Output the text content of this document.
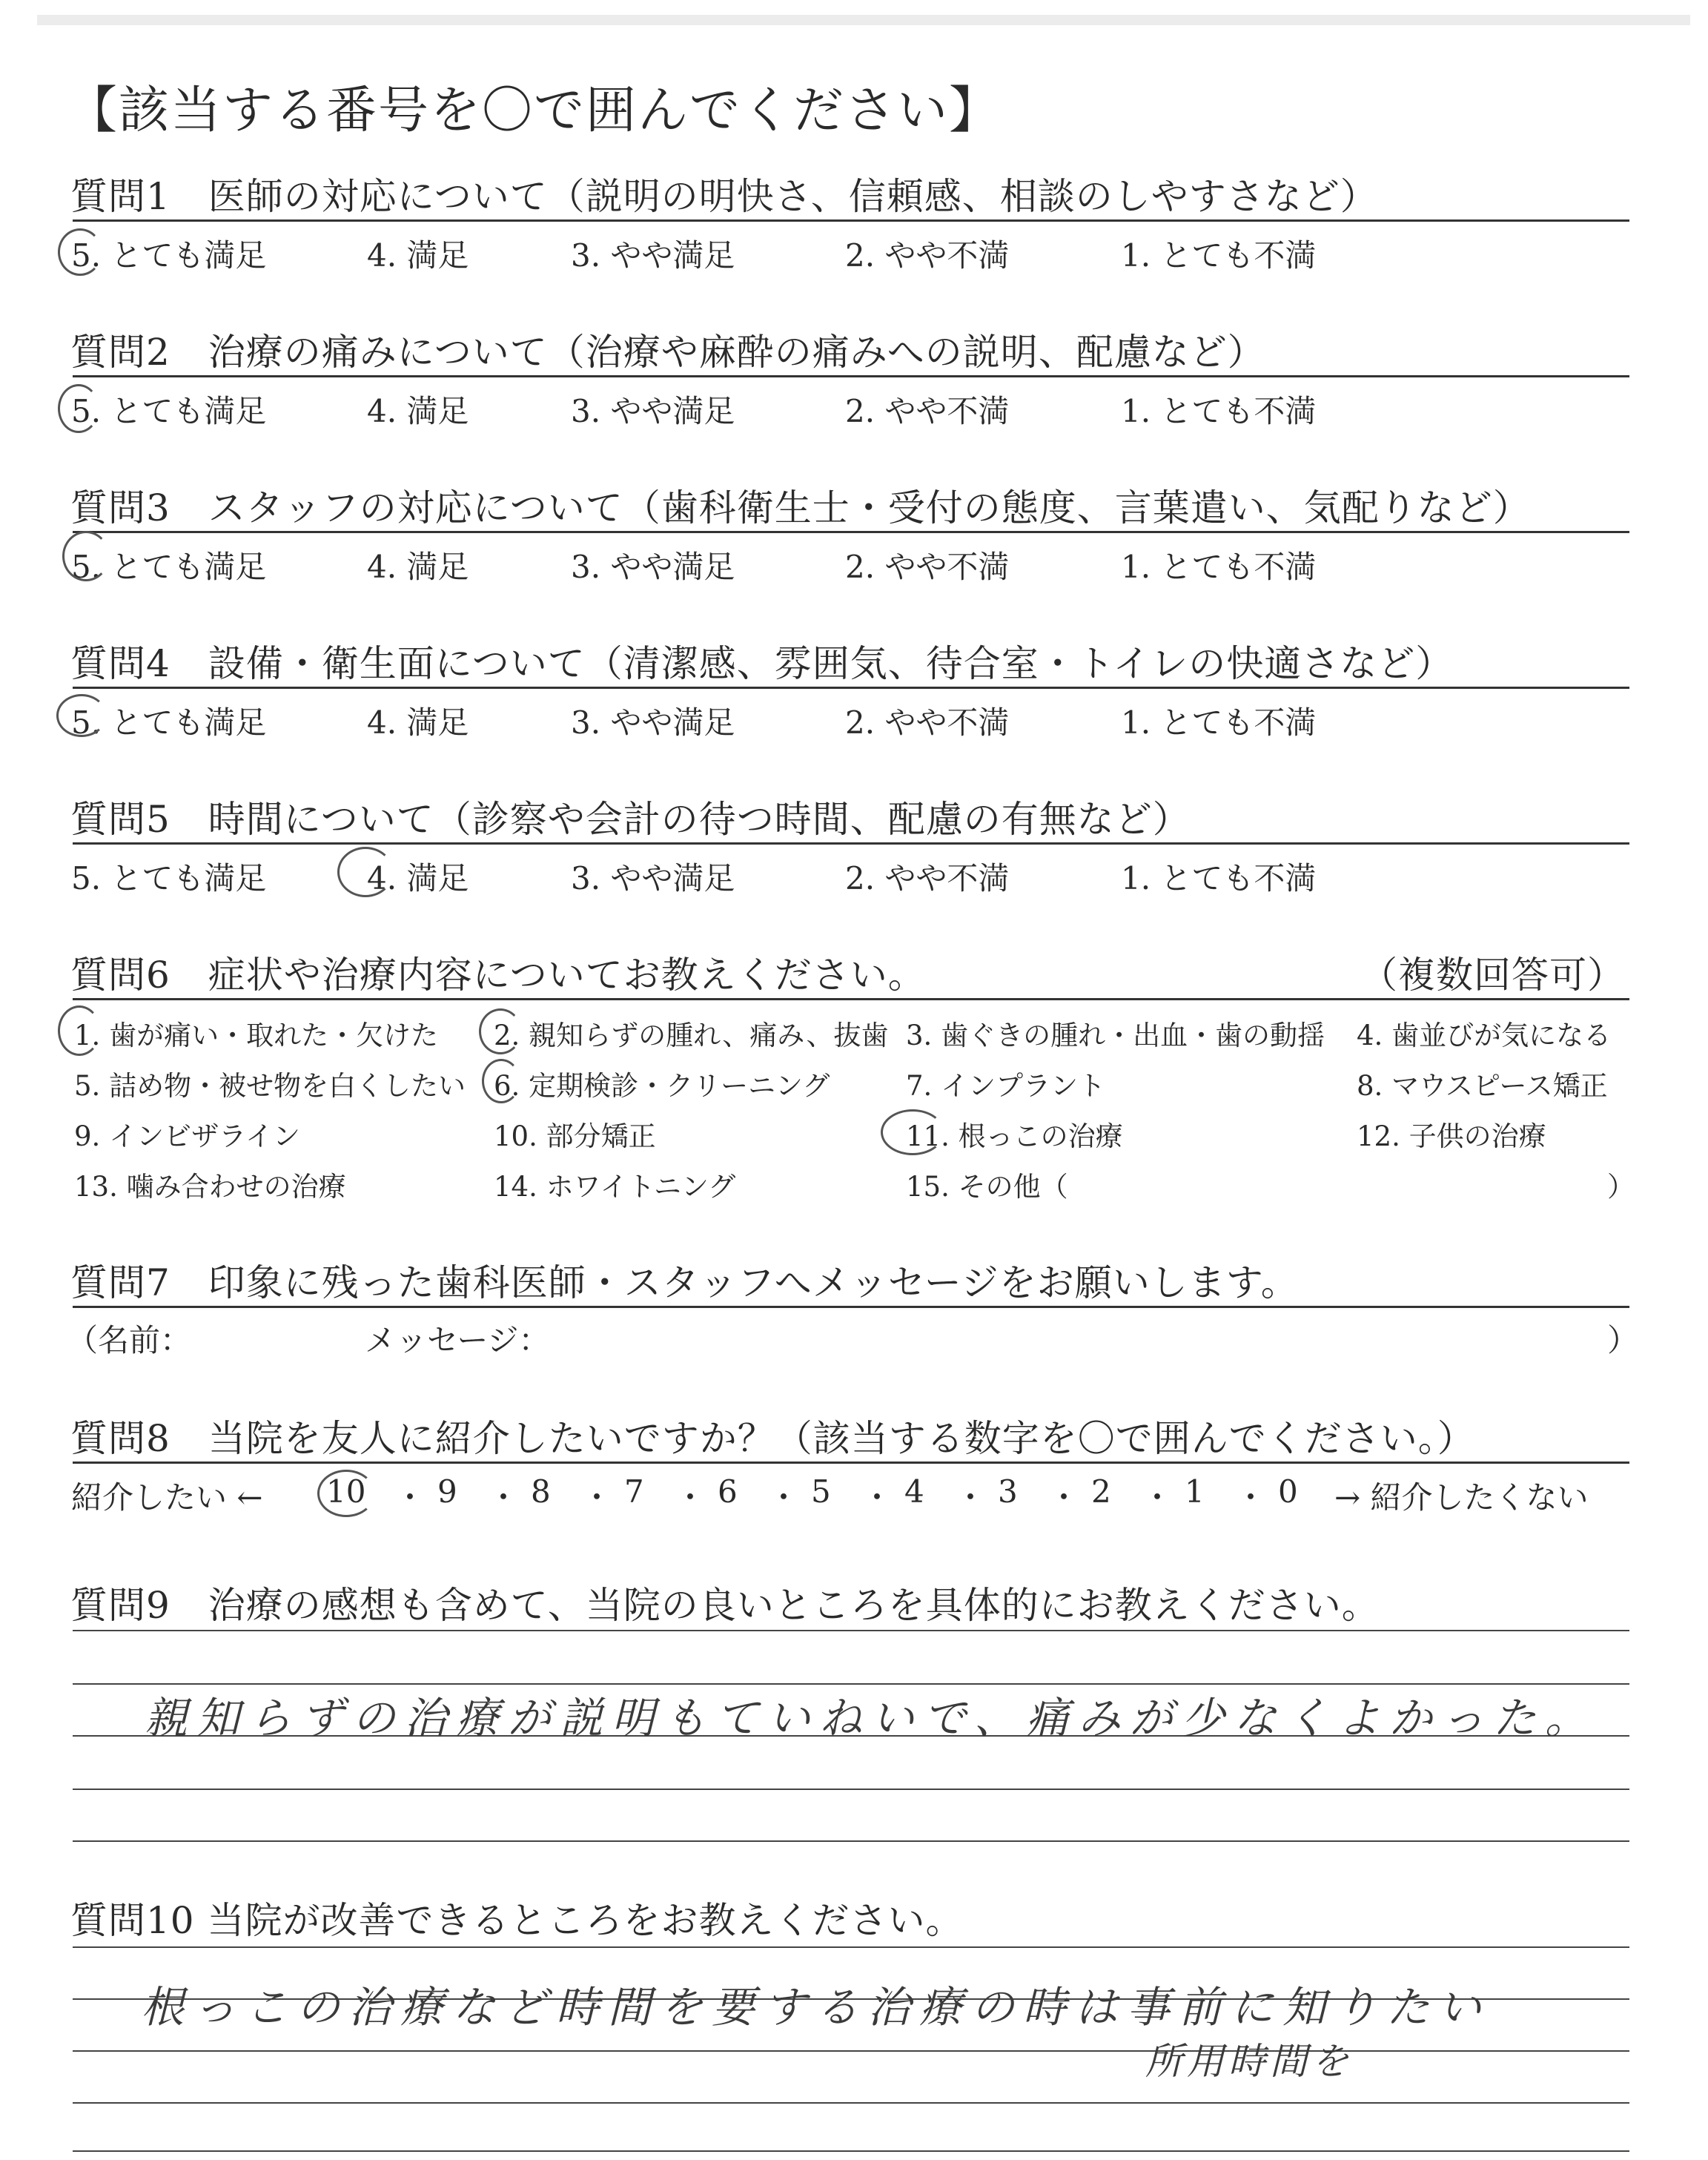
【該当する番号を〇で囲んでください】
質問1　医師の対応について（説明の明快さ、信頼感、相談のしやすさなど）
5. とても満足	4. 満足	3. やや満足	2. やや不満	1. とても不満
質問2　治療の痛みについて（治療や麻酔の痛みへの説明、配慮など）
5. とても満足	4. 満足	3. やや満足	2. やや不満	1. とても不満
質問3　スタッフの対応について（歯科衛生士・受付の態度、言葉遣い、気配りなど）
5. とても満足	4. 満足	3. やや満足	2. やや不満	1. とても不満
質問4　設備・衛生面について（清潔感、雰囲気、待合室・トイレの快適さなど）
5. とても満足	4. 満足	3. やや満足	2. やや不満	1. とても不満
質問5　時間について（診察や会計の待つ時間、配慮の有無など）
5. とても満足	4. 満足	3. やや満足	2. やや不満	1. とても不満
質問6　症状や治療内容についてお教えください。	（複数回答可）
1. 歯が痛い・取れた・欠けた 2. 親知らずの腫れ、痛み、抜歯 3. 歯ぐきの腫れ・出血・歯の動揺 4. 歯並びが気になる
5. 詰め物・被せ物を白くしたい 6. 定期検診・クリーニング	7. インプラント	8. マウスピース矯正
9. インビザライン	10. 部分矯正	11. 根っこの治療	12. 子供の治療
13. 噛み合わせの治療	14. ホワイトニング	15. その他（	）
質問7　印象に残った歯科医師・スタッフへメッセージをお願いします。
（名前：	メッセージ：	）
質問8　当院を友人に紹介したいですか？（該当する数字を〇で囲んでください。）
紹介したい ← 10 ・ 9 ・ 8 ・ 7 ・ 6 ・ 5 ・ 4 ・ 3 ・ 2 ・ 1 ・ 0 → 紹介したくない
質問9　治療の感想も含めて、当院の良いところを具体的にお教えください。
親知らずの治療が説明もていねいで、痛みが少なくよかった。
質問10 当院が改善できるところをお教えください。
根っこの治療など時間を要する治療の時は事前に知りたい
所用時間を
